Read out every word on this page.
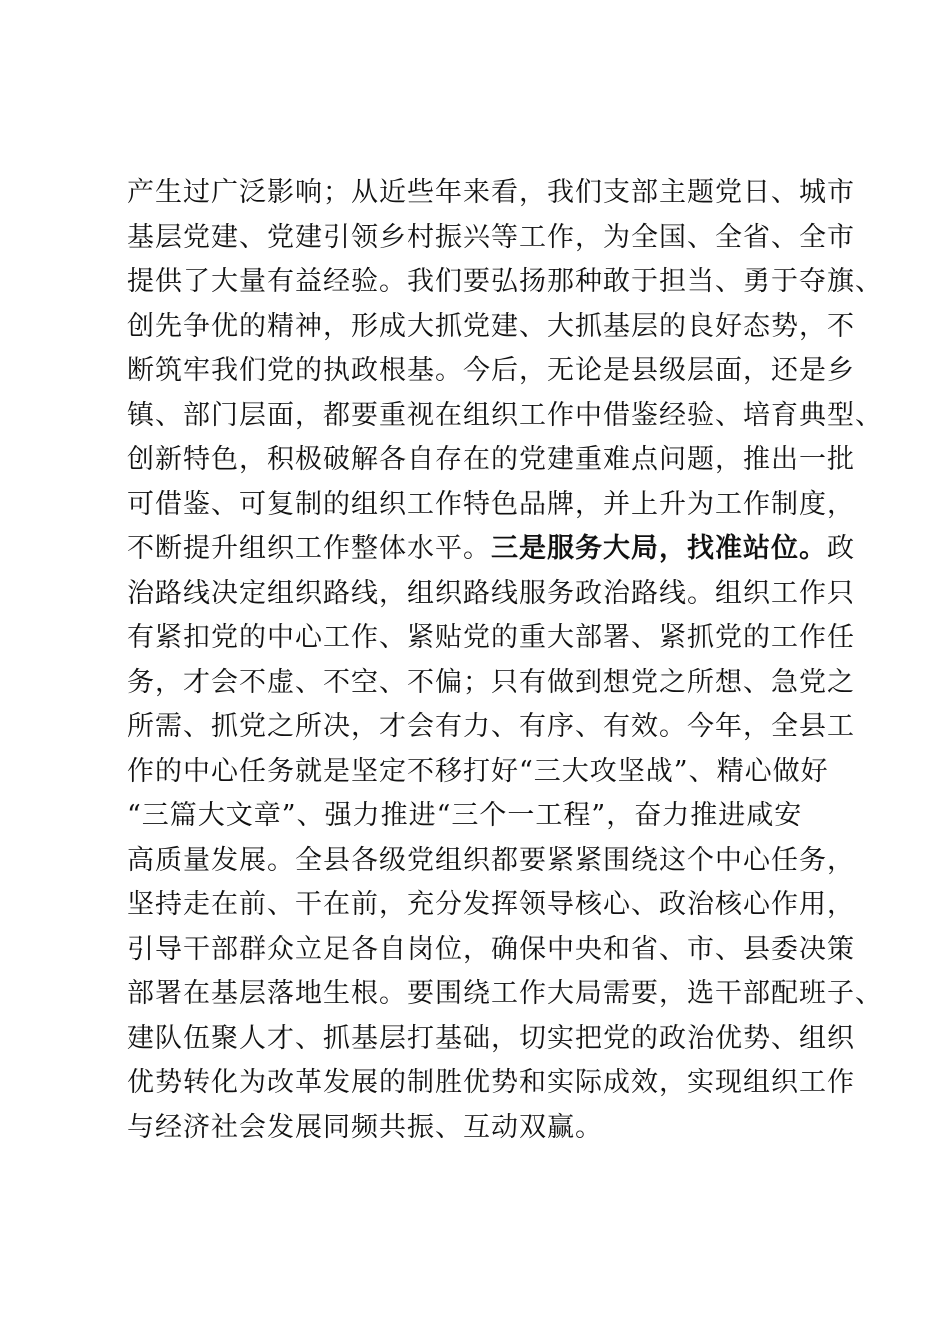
产生过广泛影响；从近些年来看，我们支部主题党日、城市
基层党建、党建引领乡村振兴等工作，为全国、全省、全市
提供了大量有益经验。我们要弘扬那种敢于担当、勇于夺旗、
创先争优的精神，形成大抓党建、大抓基层的良好态势，不
断筑牢我们党的执政根基。今后，无论是县级层面，还是乡
镇、部门层面，都要重视在组织工作中借鉴经验、培育典型、
创新特色，积极破解各自存在的党建重难点问题，推出一批
可借鉴、可复制的组织工作特色品牌，并上升为工作制度，
不断提升组织工作整体水平。三是服务大局，找准站位。政
治路线决定组织路线，组织路线服务政治路线。组织工作只
有紧扣党的中心工作、紧贴党的重大部署、紧抓党的工作任
务，才会不虚、不空、不偏；只有做到想党之所想、急党之
所需、抓党之所决，才会有力、有序、有效。今年，全县工
作的中心任务就是坚定不移打好“三大攻坚战”、精心做好
“三篇大文章”、强力推进“三个一工程”，奋力推进咸安
高质量发展。全县各级党组织都要紧紧围绕这个中心任务，
坚持走在前、干在前，充分发挥领导核心、政治核心作用，
引导干部群众立足各自岗位，确保中央和省、市、县委决策
部署在基层落地生根。要围绕工作大局需要，选干部配班子、
建队伍聚人才、抓基层打基础，切实把党的政治优势、组织
优势转化为改革发展的制胜优势和实际成效，实现组织工作
与经济社会发展同频共振、互动双赢。
